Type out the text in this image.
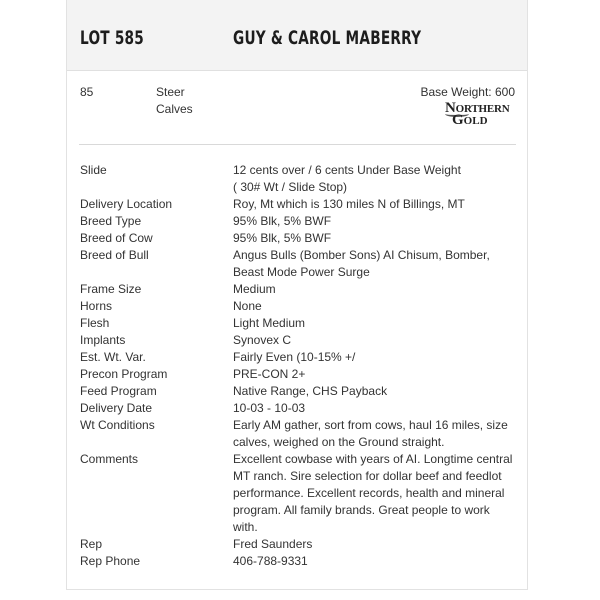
LOT 585	GUY & CAROL MABERRY
85	Steer
Calves
Base Weight: 600
NORTHERN
GOLD
Slide	12 cents over / 6 cents Under Base Weight
( 30# Wt / Slide Stop)
Delivery Location	Roy, Mt which is 130 miles N of Billings, MT
Breed Type	95% Blk, 5% BWF
Breed of Cow	95% Blk, 5% BWF
Breed of Bull	Angus Bulls (Bomber Sons) AI Chisum, Bomber,
Beast Mode Power Surge
Frame Size	Medium
Horns	None
Flesh	Light Medium
Implants	Synovex C
Est. Wt. Var.	Fairly Even (10-15% +/
Precon Program	PRE-CON 2+
Feed Program	Native Range, CHS Payback
Delivery Date	10-03 - 10-03
Wt Conditions	Early AM gather, sort from cows, haul 16 miles, size
calves, weighed on the Ground straight.
Comments	Excellent cowbase with years of AI. Longtime central
MT ranch. Sire selection for dollar beef and feedlot
performance. Excellent records, health and mineral
program. All family brands. Great people to work
with.
Rep	Fred Saunders
Rep Phone	406-788-9331
